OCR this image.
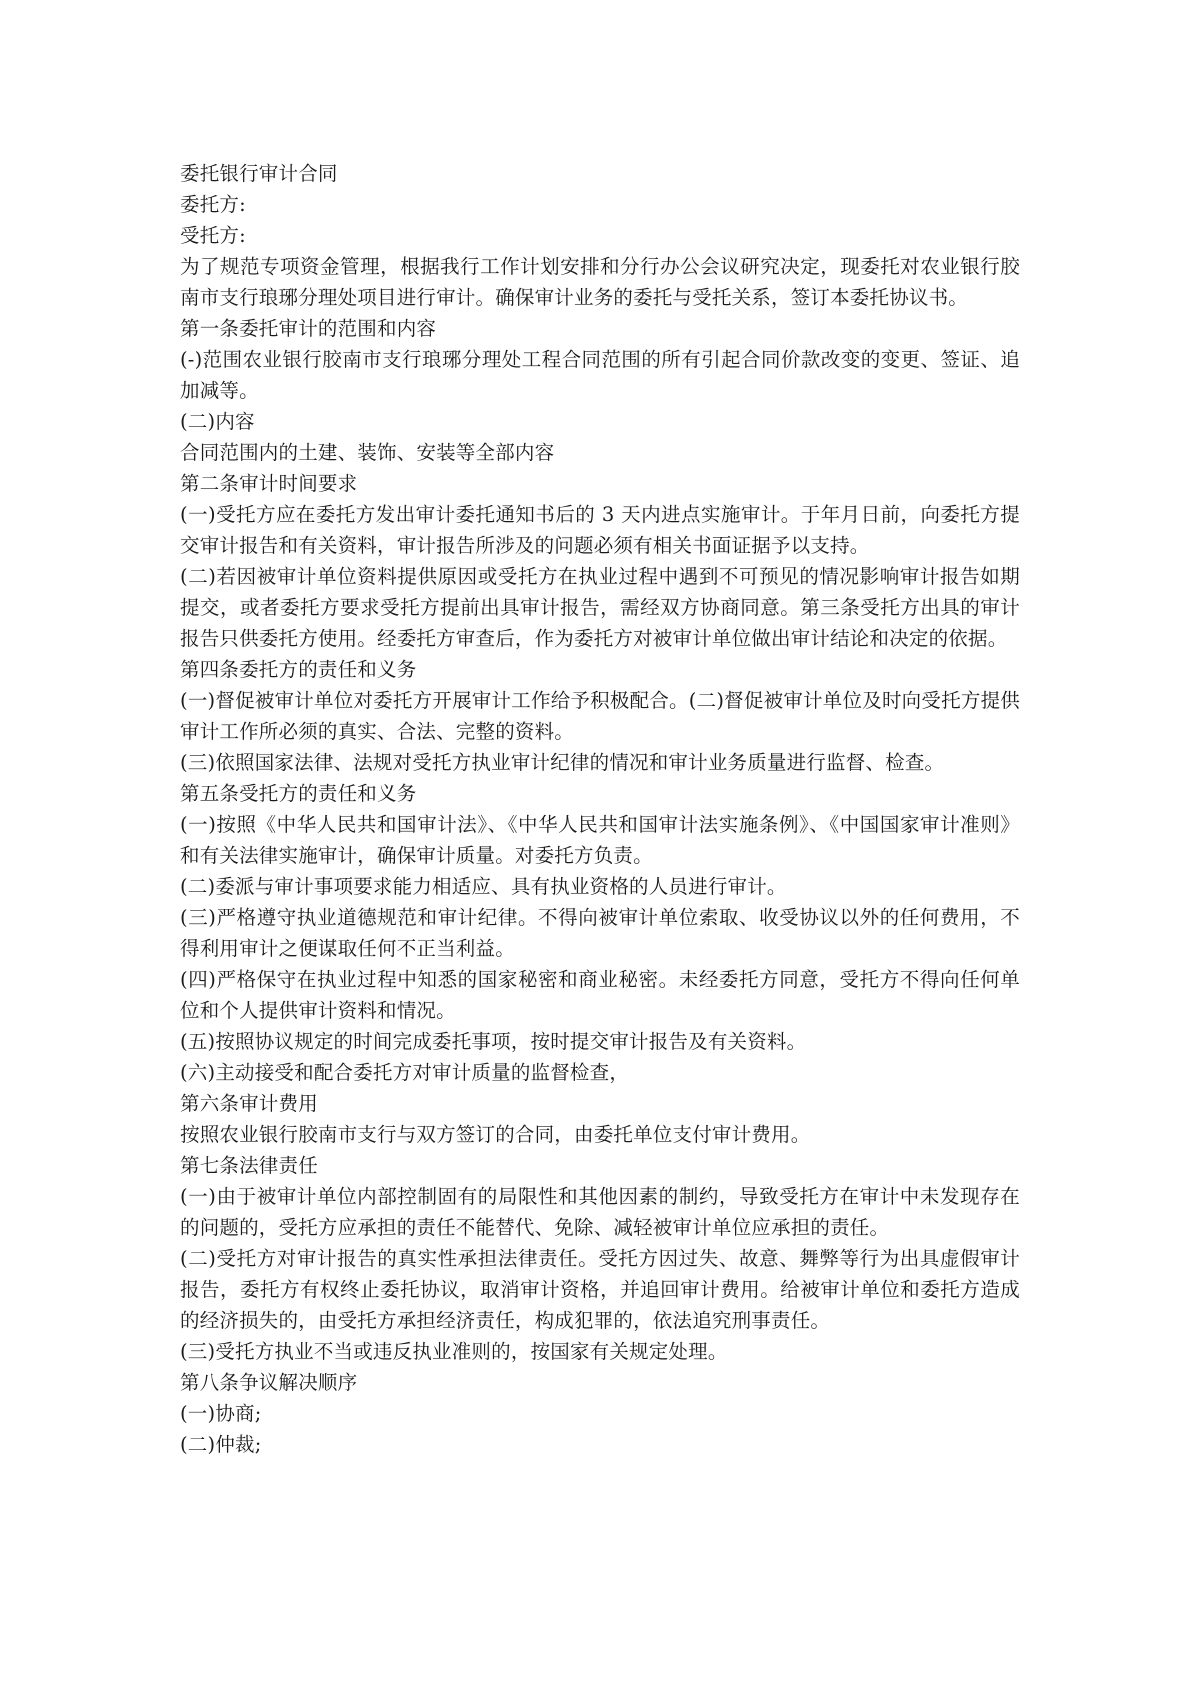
委托银行审计合同

委托方:

受托方:

为了规范专项资金管理，根据我行工作计划安排和分行办公会议研究决定，现委托对农业银行胶南市支行琅琊分理处项目进行审计。确保审计业务的委托与受托关系，签订本委托协议书。

第一条委托审计的范围和内容

(-)范围农业银行胶南市支行琅琊分理处工程合同范围的所有引起合同价款改变的变更、签证、追加减等。

(二)内容

合同范围内的土建、装饰、安装等全部内容

第二条审计时间要求

(一)受托方应在委托方发出审计委托通知书后的 3 天内进点实施审计。于年月日前，向委托方提交审计报告和有关资料，审计报告所涉及的问题必须有相关书面证据予以支持。

(二)若因被审计单位资料提供原因或受托方在执业过程中遇到不可预见的情况影响审计报告如期提交，或者委托方要求受托方提前出具审计报告，需经双方协商同意。第三条受托方出具的审计报告只供委托方使用。经委托方审查后，作为委托方对被审计单位做出审计结论和决定的依据。

第四条委托方的责任和义务

(一)督促被审计单位对委托方开展审计工作给予积极配合。(二)督促被审计单位及时向受托方提供审计工作所必须的真实、合法、完整的资料。

(三)依照国家法律、法规对受托方执业审计纪律的情况和审计业务质量进行监督、检查。

第五条受托方的责任和义务

(一)按照《中华人民共和国审计法》、《中华人民共和国审计法实施条例》、《中国国家审计准则》和有关法律实施审计，确保审计质量。对委托方负责。

(二)委派与审计事项要求能力相适应、具有执业资格的人员进行审计。

(三)严格遵守执业道德规范和审计纪律。不得向被审计单位索取、收受协议以外的任何费用，不得利用审计之便谋取任何不正当利益。

(四)严格保守在执业过程中知悉的国家秘密和商业秘密。未经委托方同意，受托方不得向任何单位和个人提供审计资料和情况。

(五)按照协议规定的时间完成委托事项，按时提交审计报告及有关资料。

(六)主动接受和配合委托方对审计质量的监督检查，

第六条审计费用

按照农业银行胶南市支行与双方签订的合同，由委托单位支付审计费用。

第七条法律责任

(一)由于被审计单位内部控制固有的局限性和其他因素的制约，导致受托方在审计中未发现存在的问题的，受托方应承担的责任不能替代、免除、减轻被审计单位应承担的责任。

(二)受托方对审计报告的真实性承担法律责任。受托方因过失、故意、舞弊等行为出具虚假审计报告，委托方有权终止委托协议，取消审计资格，并追回审计费用。给被审计单位和委托方造成的经济损失的，由受托方承担经济责任，构成犯罪的，依法追究刑事责任。

(三)受托方执业不当或违反执业准则的，按国家有关规定处理。

第八条争议解决顺序

(一)协商;

(二)仲裁;
